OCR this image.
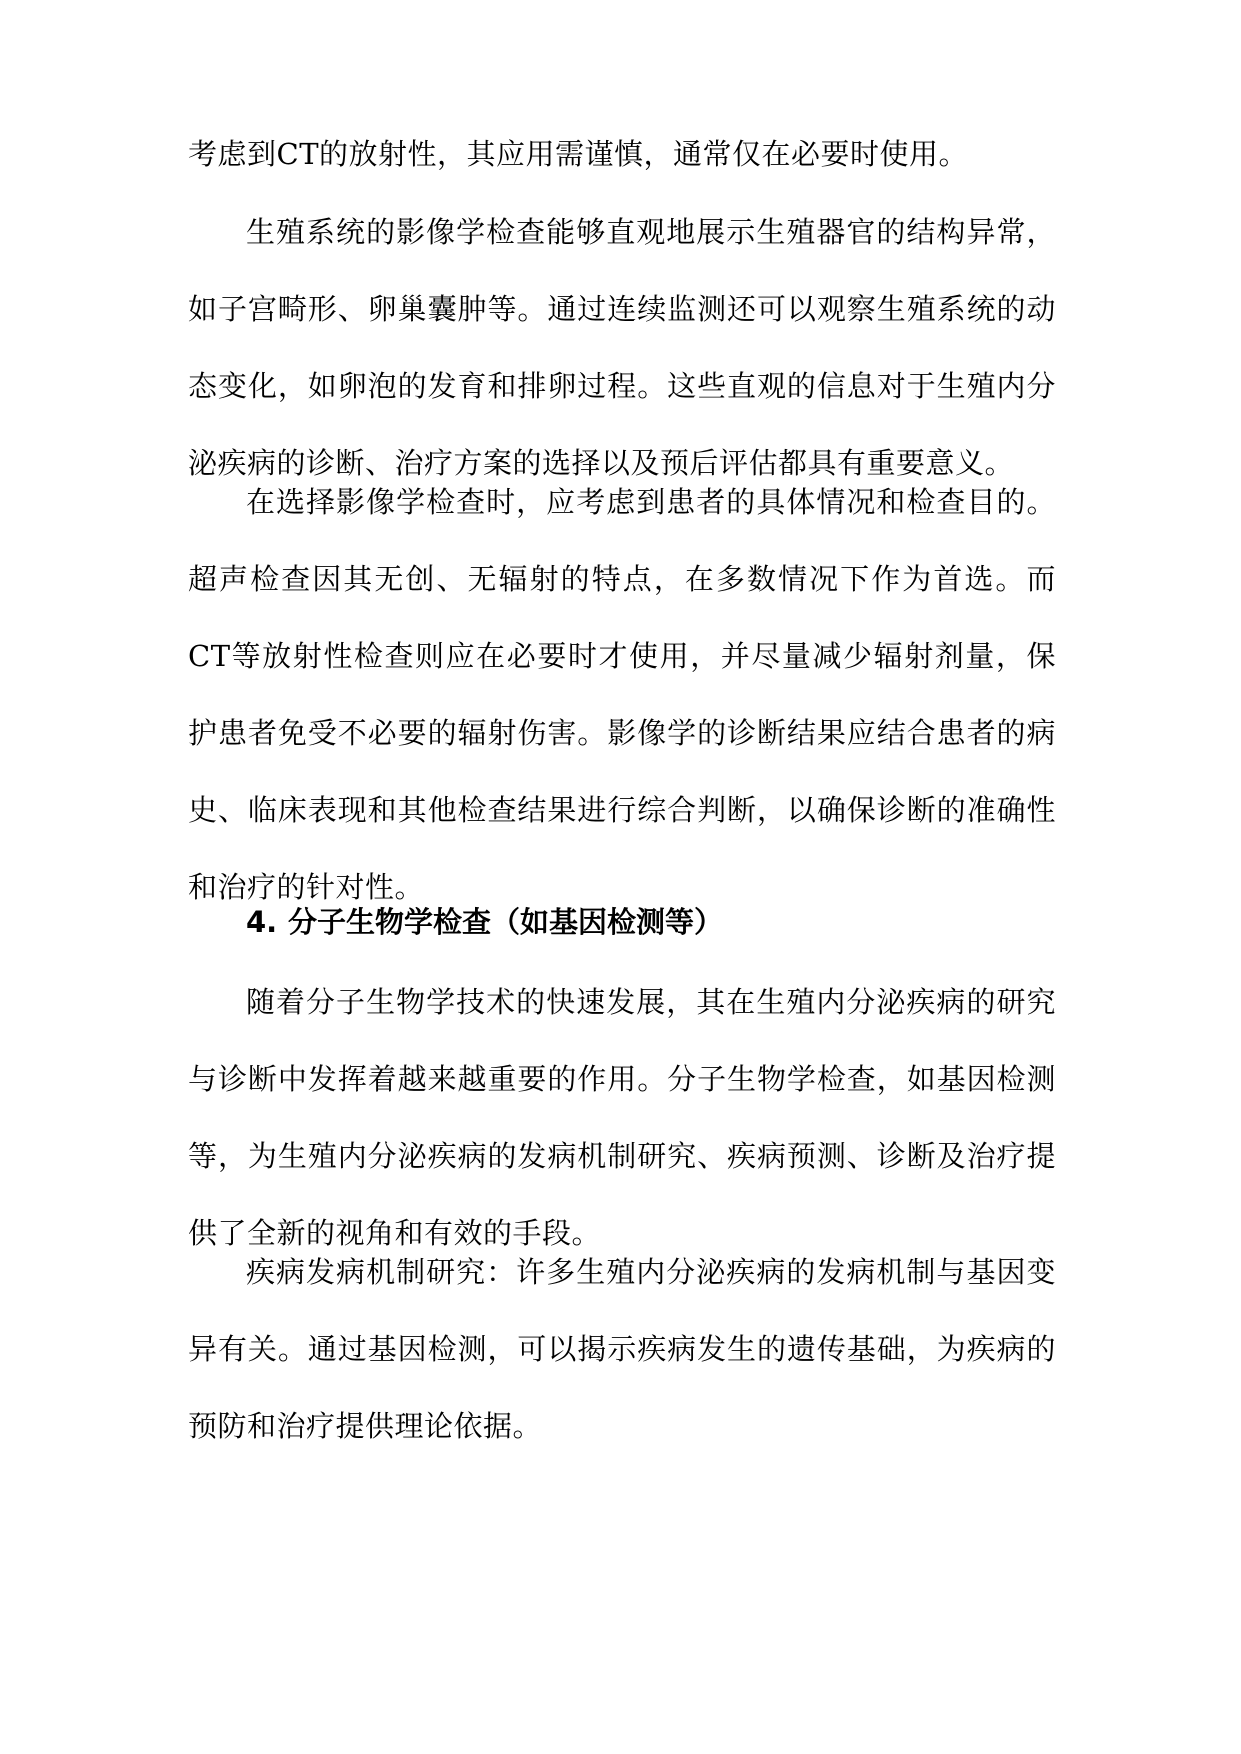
考虑到CT的放射性，其应用需谨慎，通常仅在必要时使用。

生殖系统的影像学检查能够直观地展示生殖器官的结构异常，如子宫畸形、卵巢囊肿等。通过连续监测还可以观察生殖系统的动态变化，如卵泡的发育和排卵过程。这些直观的信息对于生殖内分泌疾病的诊断、治疗方案的选择以及预后评估都具有重要意义。

在选择影像学检查时，应考虑到患者的具体情况和检查目的。超声检查因其无创、无辐射的特点，在多数情况下作为首选。而CT等放射性检查则应在必要时才使用，并尽量减少辐射剂量，保护患者免受不必要的辐射伤害。影像学的诊断结果应结合患者的病史、临床表现和其他检查结果进行综合判断，以确保诊断的准确性和治疗的针对性。

4. 分子生物学检查（如基因检测等）

随着分子生物学技术的快速发展，其在生殖内分泌疾病的研究与诊断中发挥着越来越重要的作用。分子生物学检查，如基因检测等，为生殖内分泌疾病的发病机制研究、疾病预测、诊断及治疗提供了全新的视角和有效的手段。

疾病发病机制研究：许多生殖内分泌疾病的发病机制与基因变异有关。通过基因检测，可以揭示疾病发生的遗传基础，为疾病的预防和治疗提供理论依据。
